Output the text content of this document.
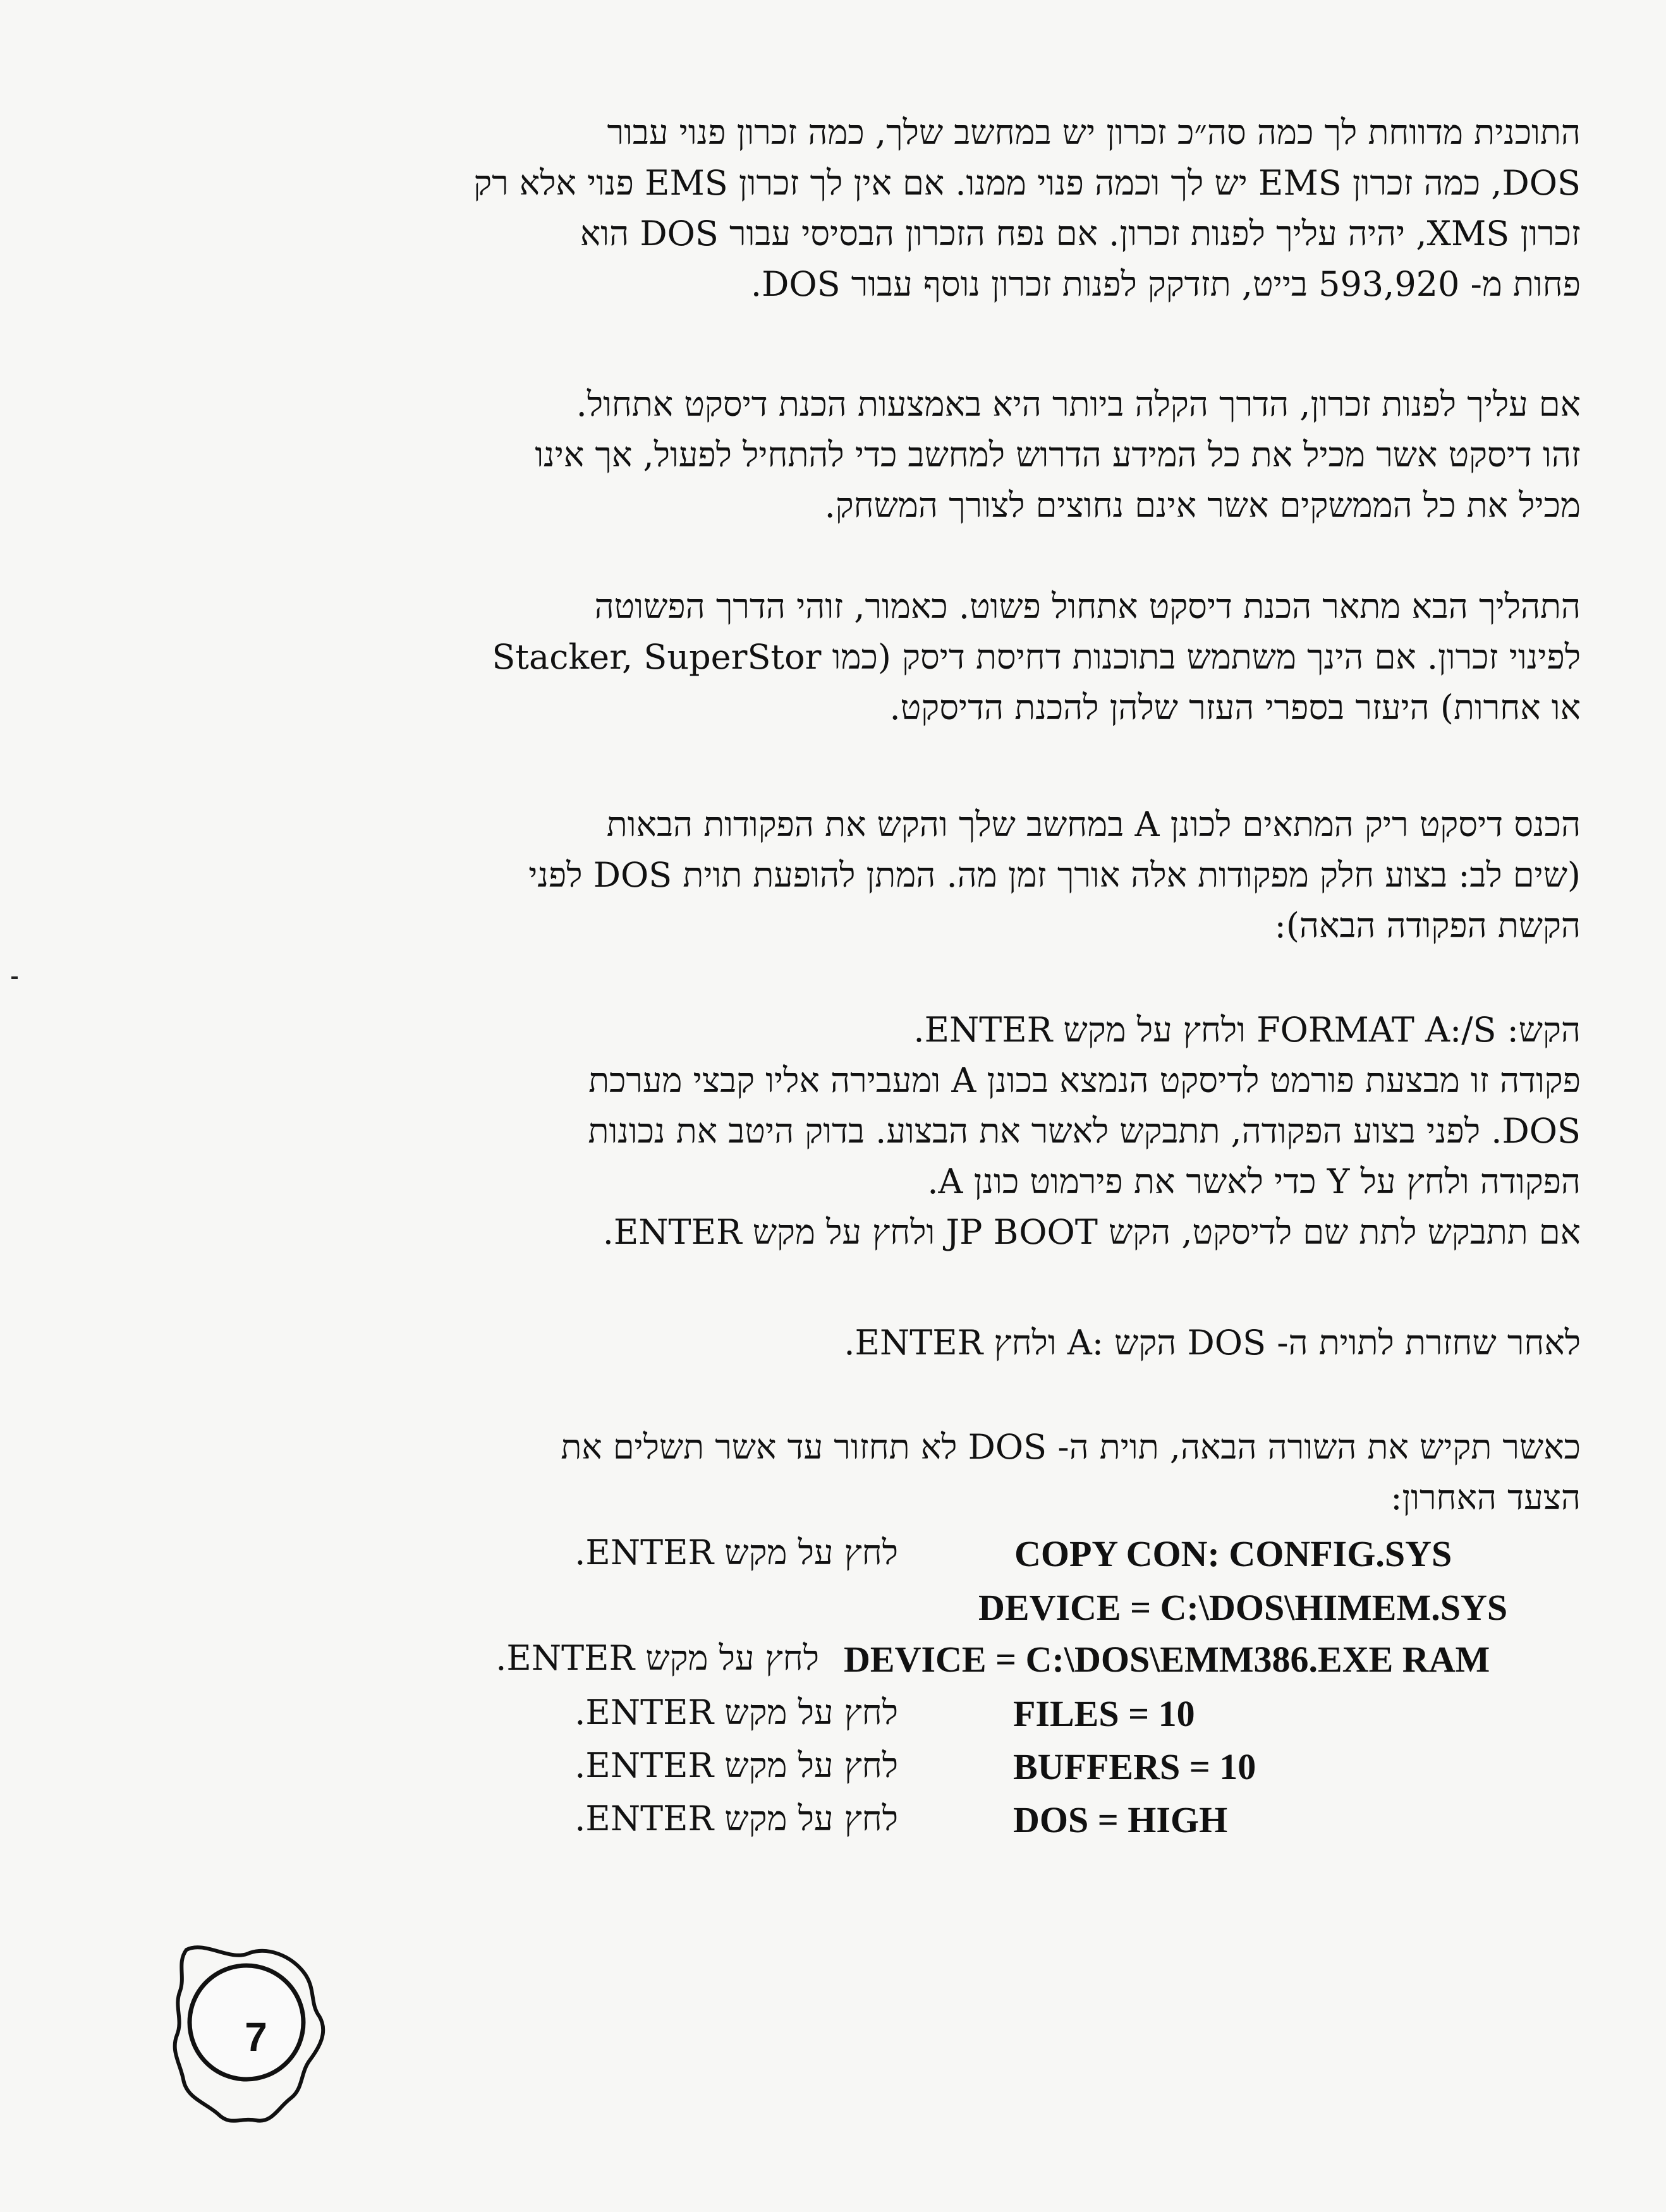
התוכנית מדווחת לך כמה סה״כ זכרון יש במחשב שלך, כמה זכרון פנוי עבור
DOS, כמה זכרון EMS יש לך וכמה פנוי ממנו. אם אין לך זכרון EMS פנוי אלא רק
זכרון XMS, יהיה עליך לפנות זכרון. אם נפח הזכרון הבסיסי עבור DOS הוא
פחות מ- 593,920 בייט, תזדקק לפנות זכרון נוסף עבור DOS.
אם עליך לפנות זכרון, הדרך הקלה ביותר היא באמצעות הכנת דיסקט אתחול.
זהו דיסקט אשר מכיל את כל המידע הדרוש למחשב כדי להתחיל לפעול, אך אינו
מכיל את כל הממשקים אשר אינם נחוצים לצורך המשחק.
התהליך הבא מתאר הכנת דיסקט אתחול פשוט. כאמור, זוהי הדרך הפשוטה
לפינוי זכרון. אם הינך משתמש בתוכנות דחיסת דיסק (כמו Stacker, SuperStor
או אחרות) היעזר בספרי העזר שלהן להכנת הדיסקט.
הכנס דיסקט ריק המתאים לכונן A במחשב שלך והקש את הפקודות הבאות
(שים לב: בצוע חלק מפקודות אלה אורך זמן מה. המתן להופעת תוית DOS לפני
הקשת הפקודה הבאה):
הקש: FORMAT A:/S ולחץ על מקש ENTER.
פקודה זו מבצעת פורמט לדיסקט הנמצא בכונן A ומעבירה אליו קבצי מערכת
DOS. לפני בצוע הפקודה, תתבקש לאשר את הבצוע. בדוק היטב את נכונות
הפקודה ולחץ על Y כדי לאשר את פירמוט כונן A.
אם תתבקש לתת שם לדיסקט, הקש JP BOOT ולחץ על מקש ENTER.
לאחר שחזרת לתוית ה- DOS הקש :A ולחץ ENTER.
כאשר תקיש את השורה הבאה, תוית ה- DOS לא תחזור עד אשר תשלים את
הצעד האחרון:
COPY CON: CONFIG.SYS
לחץ על מקש ENTER.
DEVICE = C:\DOS\HIMEM.SYS
DEVICE = C:\DOS\EMM386.EXE RAM
לחץ על מקש ENTER.
FILES = 10
לחץ על מקש ENTER.
BUFFERS = 10
לחץ על מקש ENTER.
DOS = HIGH
לחץ על מקש ENTER.
7
